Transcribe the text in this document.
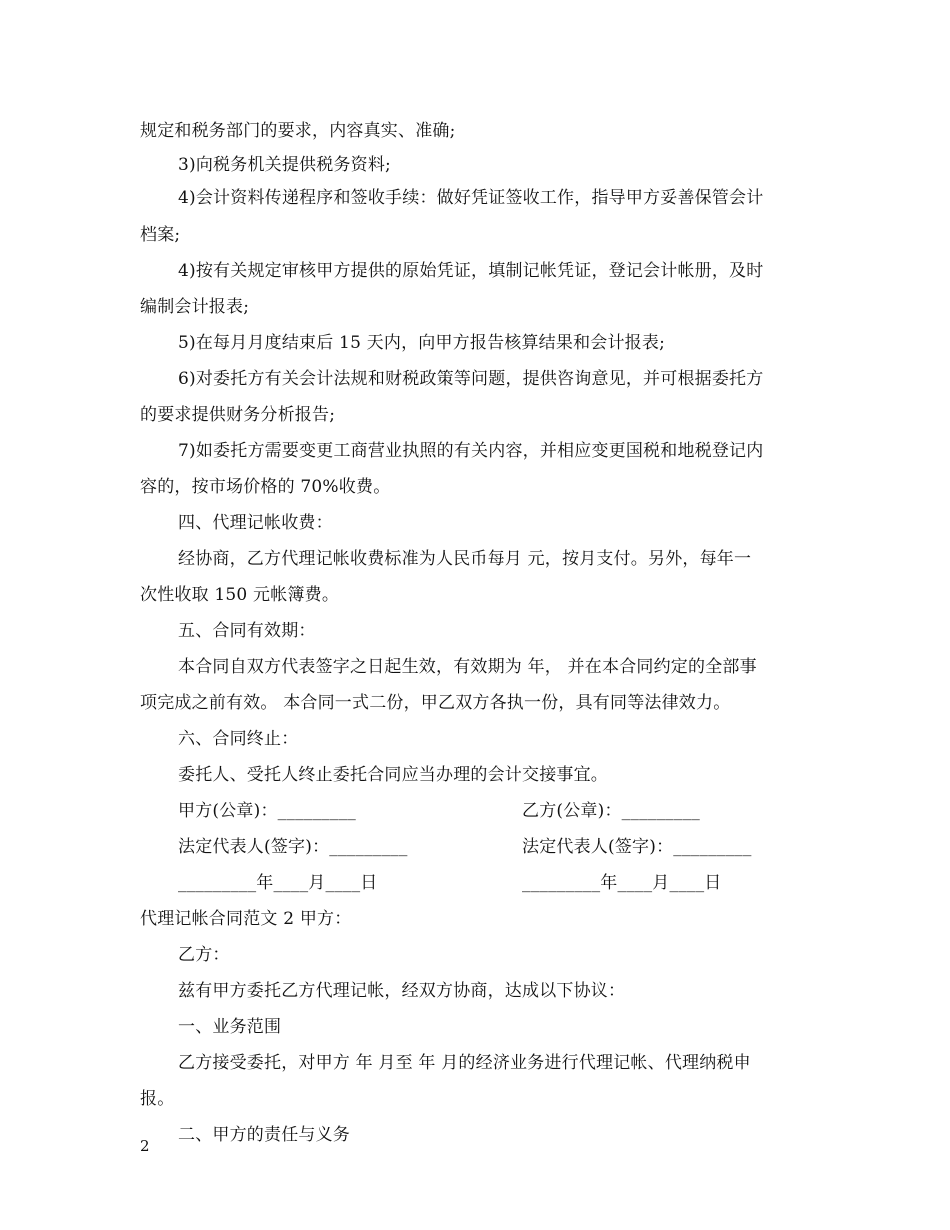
规定和税务部门的要求，内容真实、准确;
3)向税务机关提供税务资料;
4)会计资料传递程序和签收手续：做好凭证签收工作，指导甲方妥善保管会计
档案;
4)按有关规定审核甲方提供的原始凭证，填制记帐凭证，登记会计帐册，及时
编制会计报表;
5)在每月月度结束后 15 天内，向甲方报告核算结果和会计报表;
6)对委托方有关会计法规和财税政策等问题，提供咨询意见，并可根据委托方
的要求提供财务分析报告;
7)如委托方需要变更工商营业执照的有关内容，并相应变更国税和地税登记内
容的，按市场价格的 70%收费。
四、代理记帐收费：
经协商，乙方代理记帐收费标准为人民币每月 元，按月支付。另外，每年一
次性收取 150 元帐簿费。
五、合同有效期：
本合同自双方代表签字之日起生效，有效期为 年， 并在本合同约定的全部事
项完成之前有效。 本合同一式二份，甲乙双方各执一份，具有同等法律效力。
六、合同终止：
委托人、受托人终止委托合同应当办理的会计交接事宜。
甲方(公章)：_________	乙方(公章)：_________
法定代表人(签字)：_________	法定代表人(签字)：_________
_________年____月____日	_________年____月____日
代理记帐合同范文 2 甲方：
乙方：
兹有甲方委托乙方代理记帐，经双方协商，达成以下协议：
一、业务范围
乙方接受委托，对甲方 年 月至 年 月的经济业务进行代理记帐、代理纳税申
报。
二、甲方的责任与义务
2
